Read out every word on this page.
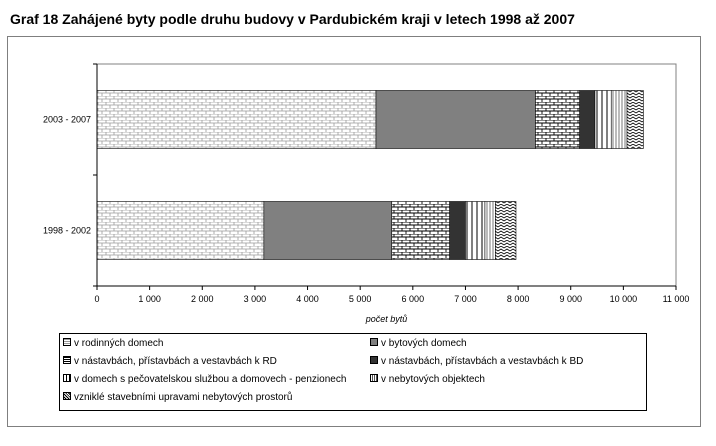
Graf 18 Zahájené byty podle druhu budovy v Pardubickém kraji v letech 1998 až 2007
2003 - 2007
1998 - 2002
0	1 000	2 000	3 000	4 000	5 000	6 000	7 000	8 000	9 000	10 000	11 000
počet bytů
v rodinných domech	v bytových domech
v nástavbách, přístavbách a vestavbách k RD	v nástavbách, přístavbách a vestavbách k BD
v domech s pečovatelskou službou a domovech - penzionech	v nebytových objektech
vzniklé stavebními upravami nebytových prostorů
